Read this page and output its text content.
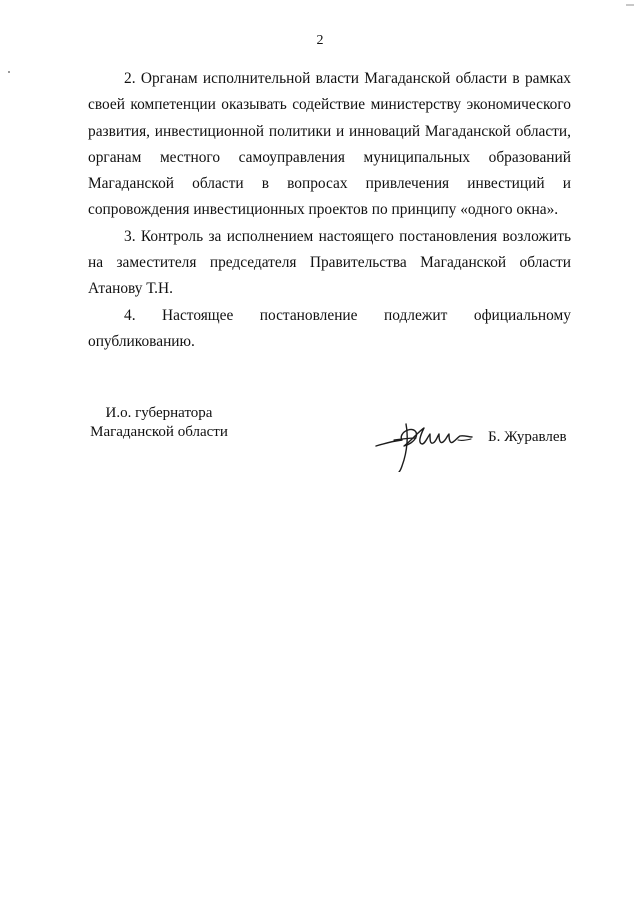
2

2. Органам исполнительной власти Магаданской области в рамках
своей компетенции оказывать содействие министерству экономического
развития, инвестиционной политики и инноваций Магаданской области,
органам местного самоуправления муниципальных образований
Магаданской области в вопросах привлечения инвестиций и
сопровождения инвестиционных проектов по принципу «одного окна».

3. Контроль за исполнением настоящего постановления возложить
на заместителя председателя Правительства Магаданской области
Атанову Т.Н.

4. Настоящее постановление подлежит официальному
опубликованию.

И.о. губернатора
Магаданской области	Б. Журавлев
